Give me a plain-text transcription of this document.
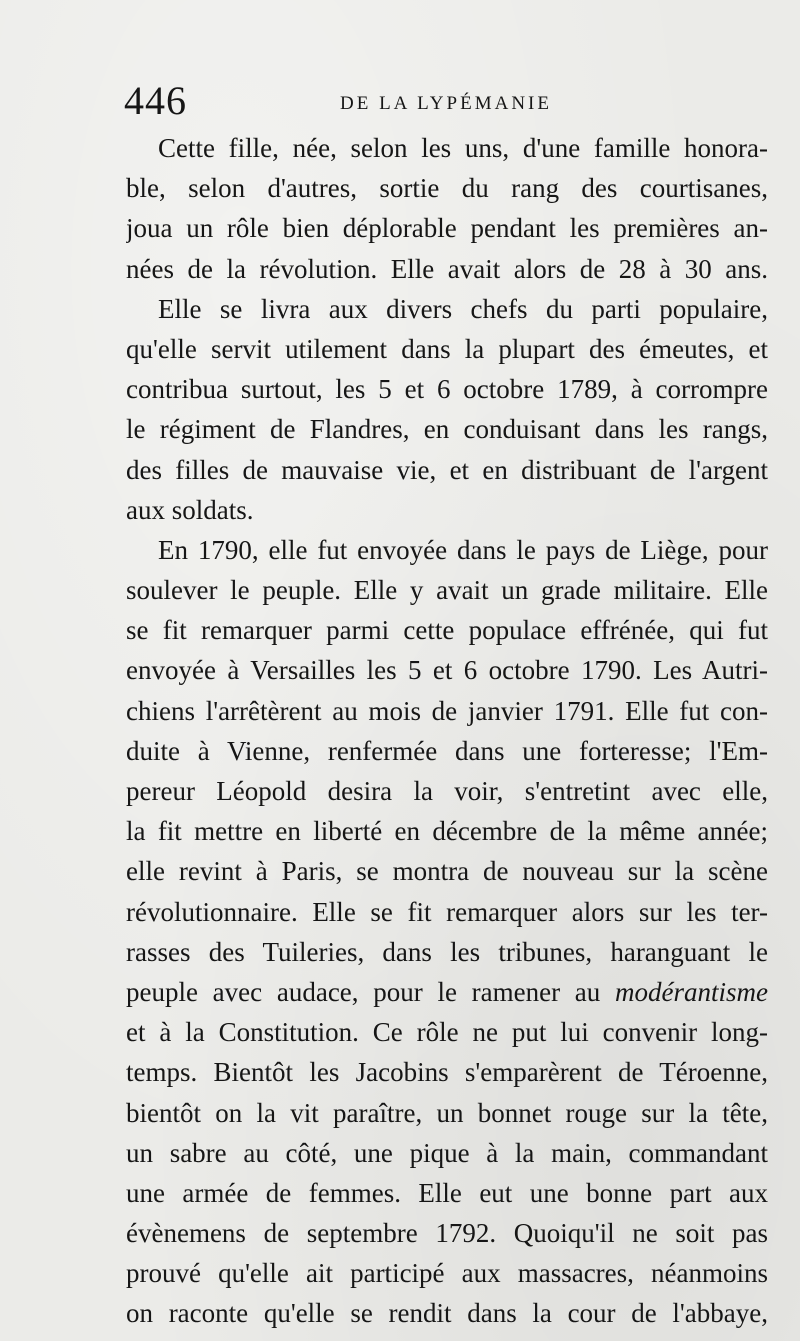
446	DE LA LYPÉMANIE
Cette fille, née, selon les uns, d'une famille honora-
ble, selon d'autres, sortie du rang des courtisanes,
joua un rôle bien déplorable pendant les premières an-
nées de la révolution. Elle avait alors de 28 à 30 ans.
Elle se livra aux divers chefs du parti populaire,
qu'elle servit utilement dans la plupart des émeutes, et
contribua surtout, les 5 et 6 octobre 1789, à corrompre
le régiment de Flandres, en conduisant dans les rangs,
des filles de mauvaise vie, et en distribuant de l'argent
aux soldats.
En 1790, elle fut envoyée dans le pays de Liège, pour
soulever le peuple. Elle y avait un grade militaire. Elle
se fit remarquer parmi cette populace effrénée, qui fut
envoyée à Versailles les 5 et 6 octobre 1790. Les Autri-
chiens l'arrêtèrent au mois de janvier 1791. Elle fut con-
duite à Vienne, renfermée dans une forteresse; l'Em-
pereur Léopold desira la voir, s'entretint avec elle,
la fit mettre en liberté en décembre de la même année;
elle revint à Paris, se montra de nouveau sur la scène
révolutionnaire. Elle se fit remarquer alors sur les ter-
rasses des Tuileries, dans les tribunes, haranguant le
peuple avec audace, pour le ramener au modérantisme
et à la Constitution. Ce rôle ne put lui convenir long-
temps. Bientôt les Jacobins s'emparèrent de Téroenne,
bientôt on la vit paraître, un bonnet rouge sur la tête,
un sabre au côté, une pique à la main, commandant
une armée de femmes. Elle eut une bonne part aux
évènemens de septembre 1792. Quoiqu'il ne soit pas
prouvé qu'elle ait participé aux massacres, néanmoins
on raconte qu'elle se rendit dans la cour de l'abbaye,
